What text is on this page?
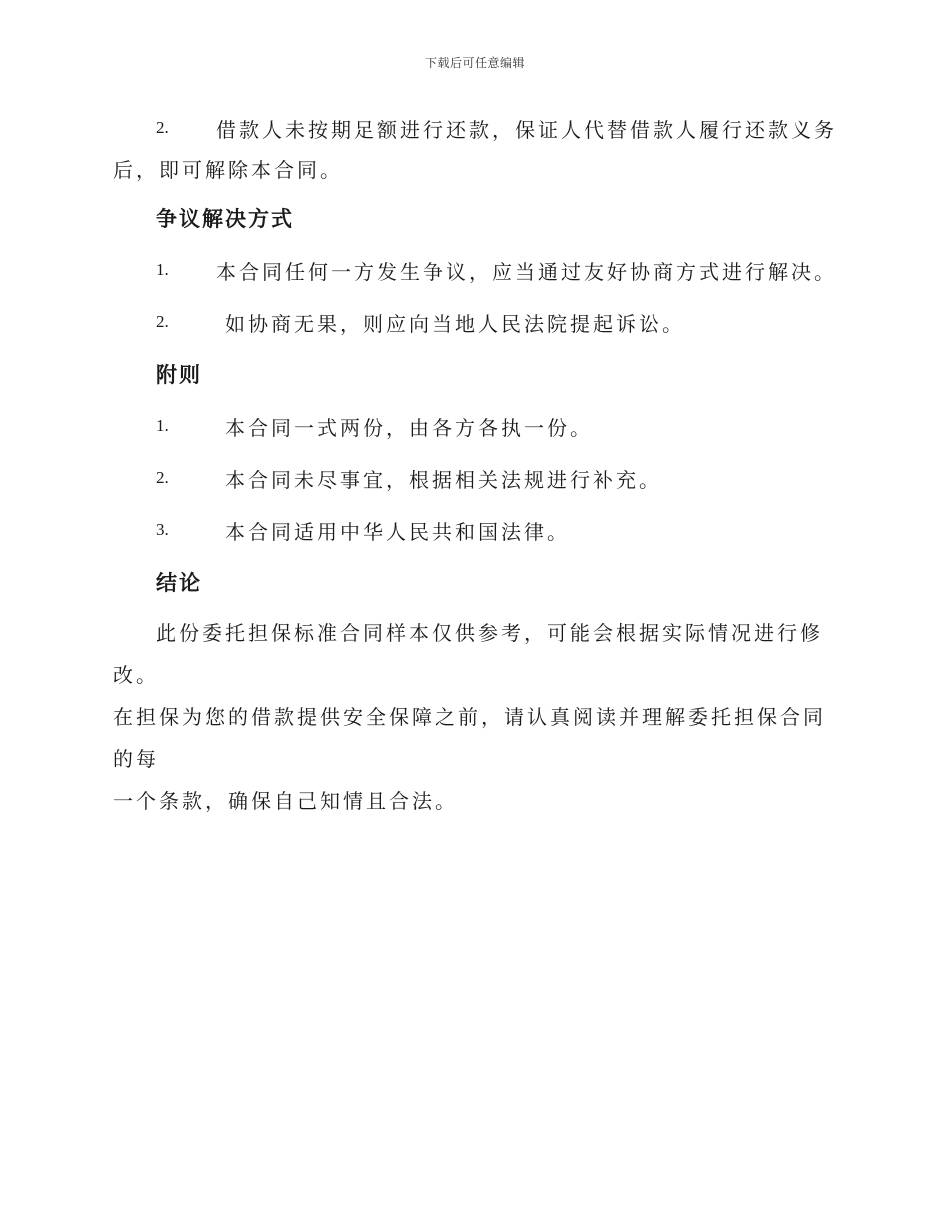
下载后可任意编辑
2.	借款人未按期足额进行还款，保证人代替借款人履行还款义务
后，即可解除本合同。
争议解决方式
1.	本合同任何一方发生争议，应当通过友好协商方式进行解决。
2.	如协商无果，则应向当地人民法院提起诉讼。
附则
1.	本合同一式两份，由各方各执一份。
2.	本合同未尽事宜，根据相关法规进行补充。
3.	本合同适用中华人民共和国法律。
结论
此份委托担保标准合同样本仅供参考，可能会根据实际情况进行修改。
在担保为您的借款提供安全保障之前，请认真阅读并理解委托担保合同的每
一个条款，确保自己知情且合法。
